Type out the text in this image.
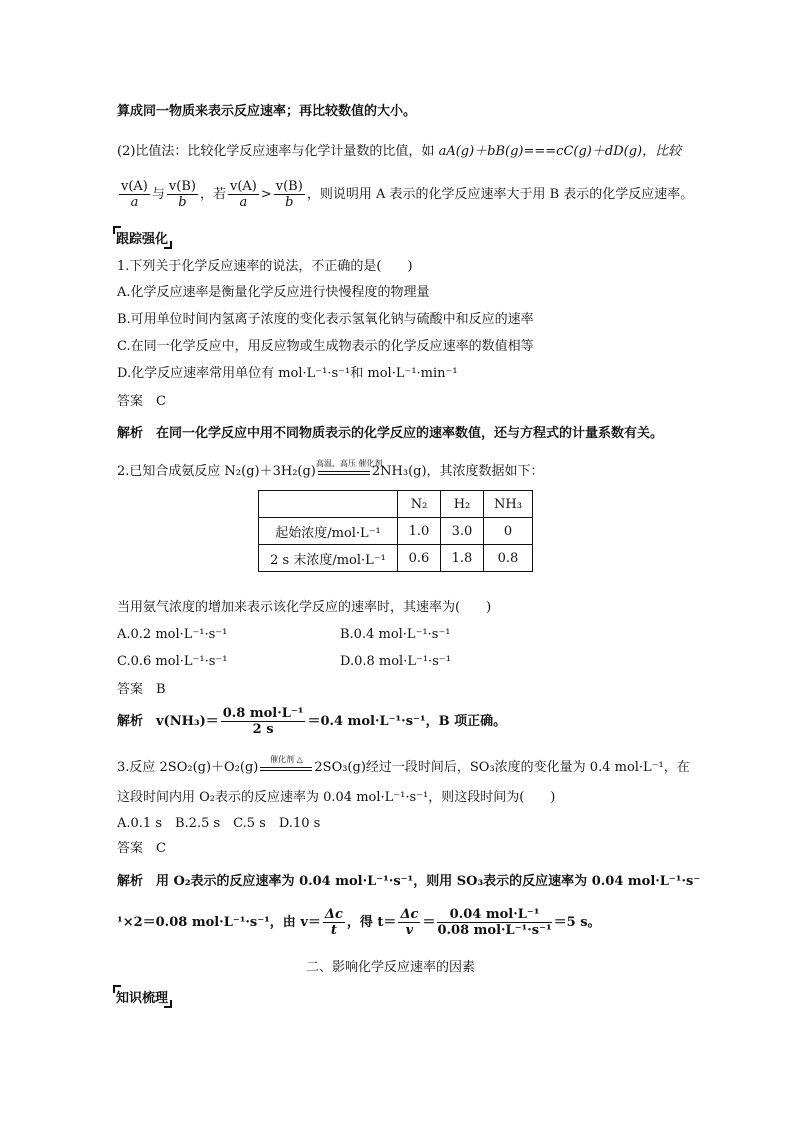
算成同一物质来表示反应速率；再比较数值的大小。
(2)比值法：比较化学反应速率与化学计量数的比值，如 aA(g)＋bB(g)===cC(g)＋dD(g)，比较
$\frac{v(A)}{a}$ 与 $\frac{v(B)}{b}$ ，若 $\frac{v(A)}{a} > \frac{v(B)}{b}$ ，则说明用 A 表示的化学反应速率大于用 B 表示的化学反应速率。
跟踪强化
1.下列关于化学反应速率的说法，不正确的是(　　)
A.化学反应速率是衡量化学反应进行快慢程度的物理量
B.可用单位时间内氢离子浓度的变化表示氢氧化钠与硫酸中和反应的速率
C.在同一化学反应中，用反应物或生成物表示的化学反应速率的数值相等
D.化学反应速率常用单位有 mol·L⁻¹·s⁻¹和 mol·L⁻¹·min⁻¹
答案　C
解析　在同一化学反应中用不同物质表示的化学反应的速率数值，还与方程式的计量系数有关。
2.已知合成氨反应 N₂(g)＋3H₂(g)
高温、高压 催化剂
2NH₃(g)，其浓度数据如下：
	N₂	H₂	NH₃
起始浓度/mol·L⁻¹	1.0	3.0	0
2 s 末浓度/mol·L⁻¹	0.6	1.8	0.8
当用氨气浓度的增加来表示该化学反应的速率时，其速率为(　　)
A.0.2 mol·L⁻¹·s⁻¹	B.0.4 mol·L⁻¹·s⁻¹
C.0.6 mol·L⁻¹·s⁻¹	D.0.8 mol·L⁻¹·s⁻¹
答案　B
解析　$v(NH_3)= \frac{\text{0.8 mol·L⁻¹}}{2 s} =0.4$ mol·L⁻¹·s⁻¹，B 项正确。
3.反应 2SO₂(g)＋O₂(g)
催化剂 △
2SO₃(g)经过一段时间后，SO₃浓度的变化量为 0.4 mol·L⁻¹，在
这段时间内用 O₂表示的反应速率为 0.04 mol·L⁻¹·s⁻¹，则这段时间为(　　)
A.0.1 s　B.2.5 s　C.5 s　D.10 s
答案　C
解析　用 O₂表示的反应速率为 0.04 mol·L⁻¹·s⁻¹，则用 SO₃表示的反应速率为 0.04 mol·L⁻¹·s⁻
¹×2＝0.08 mol·L⁻¹·s⁻¹，由 $v= \frac{\Delta c}{t}$ ，得 $t= \frac{\Delta c}{v} = \frac{\text{0.04 mol·L⁻¹}}{\text{0.08 mol·L⁻¹·s⁻¹}} =5$ s。
二、影响化学反应速率的因素
知识梳理
